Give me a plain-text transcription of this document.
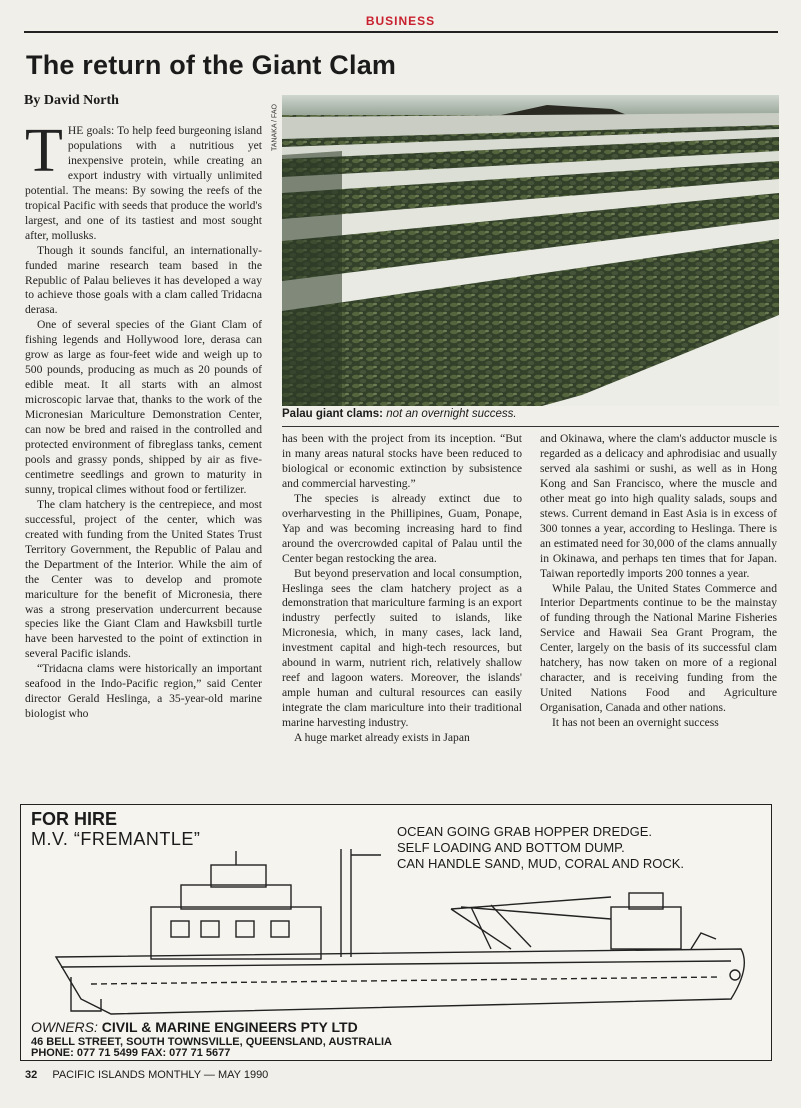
BUSINESS
The return of the Giant Clam
By David North
TANAKA / FAO
Palau giant clams: not an overnight success.

THE goals: To help feed burgeoning island populations with a nutritious yet inexpensive protein, while creating an export industry with virtually unlimited potential. The means: By sowing the reefs of the tropical Pacific with seeds that produce the world's largest, and one of its tastiest and most sought after, mollusks.

Though it sounds fanciful, an internationally-funded marine research team based in the Republic of Palau believes it has developed a way to achieve those goals with a clam called Tridacna derasa.

One of several species of the Giant Clam of fishing legends and Hollywood lore, derasa can grow as large as four-feet wide and weigh up to 500 pounds, producing as much as 20 pounds of edible meat. It all starts with an almost microscopic larvae that, thanks to the work of the Micronesian Mariculture Demonstration Center, can now be bred and raised in the controlled and protected environment of fibreglass tanks, cement pools and grassy ponds, shipped by air as five-centimetre seedlings and grown to maturity in sunny, tropical climes without food or fertilizer.

The clam hatchery is the centrepiece, and most successful, project of the center, which was created with funding from the United States Trust Territory Government, the Republic of Palau and the Department of the Interior. While the aim of the Center was to develop and promote mariculture for the benefit of Micronesia, there was a strong preservation undercurrent because species like the Giant Clam and Hawksbill turtle have been harvested to the point of extinction in several Pacific islands.

“Tridacna clams were historically an important seafood in the Indo-Pacific region,” said Center director Gerald Heslinga, a 35-year-old marine biologist who

has been with the project from its inception. “But in many areas natural stocks have been reduced to biological or economic extinction by subsistence and commercial harvesting.”

The species is already extinct due to overharvesting in the Phillipines, Guam, Ponape, Yap and was becoming increasing hard to find around the overcrowded capital of Palau until the Center began restocking the area.

But beyond preservation and local consumption, Heslinga sees the clam hatchery project as a demonstration that mariculture farming is an export industry perfectly suited to islands, like Micronesia, which, in many cases, lack land, investment capital and high-tech resources, but abound in warm, nutrient rich, relatively shallow reef and lagoon waters. Moreover, the islands' ample human and cultural resources can easily integrate the clam mariculture into their traditional marine harvesting industry.

A huge market already exists in Japan

and Okinawa, where the clam's adductor muscle is regarded as a delicacy and aphrodisiac and usually served ala sashimi or sushi, as well as in Hong Kong and San Francisco, where the muscle and other meat go into high quality salads, soups and stews. Current demand in East Asia is in excess of 300 tonnes a year, according to Heslinga. There is an estimated need for 30,000 of the clams annually in Okinawa, and perhaps ten times that for Japan. Taiwan reportedly imports 200 tonnes a year.

While Palau, the United States Commerce and Interior Departments continue to be the mainstay of funding through the National Marine Fisheries Service and Hawaii Sea Grant Program, the Center, largely on the basis of its successful clam hatchery, has now taken on more of a regional character, and is receiving funding from the United Nations Food and Agriculture Organisation, Canada and other nations.

It has not been an overnight success

FOR HIRE
M.V. “FREMANTLE”	OCEAN GOING GRAB HOPPER DREDGE.
SELF LOADING AND BOTTOM DUMP.
CAN HANDLE SAND, MUD, CORAL AND ROCK.
OWNERS: CIVIL & MARINE ENGINEERS PTY LTD
46 BELL STREET, SOUTH TOWNSVILLE, QUEENSLAND, AUSTRALIA
PHONE: 077 71 5499 FAX: 077 71 5677
32 PACIFIC ISLANDS MONTHLY — MAY 1990
